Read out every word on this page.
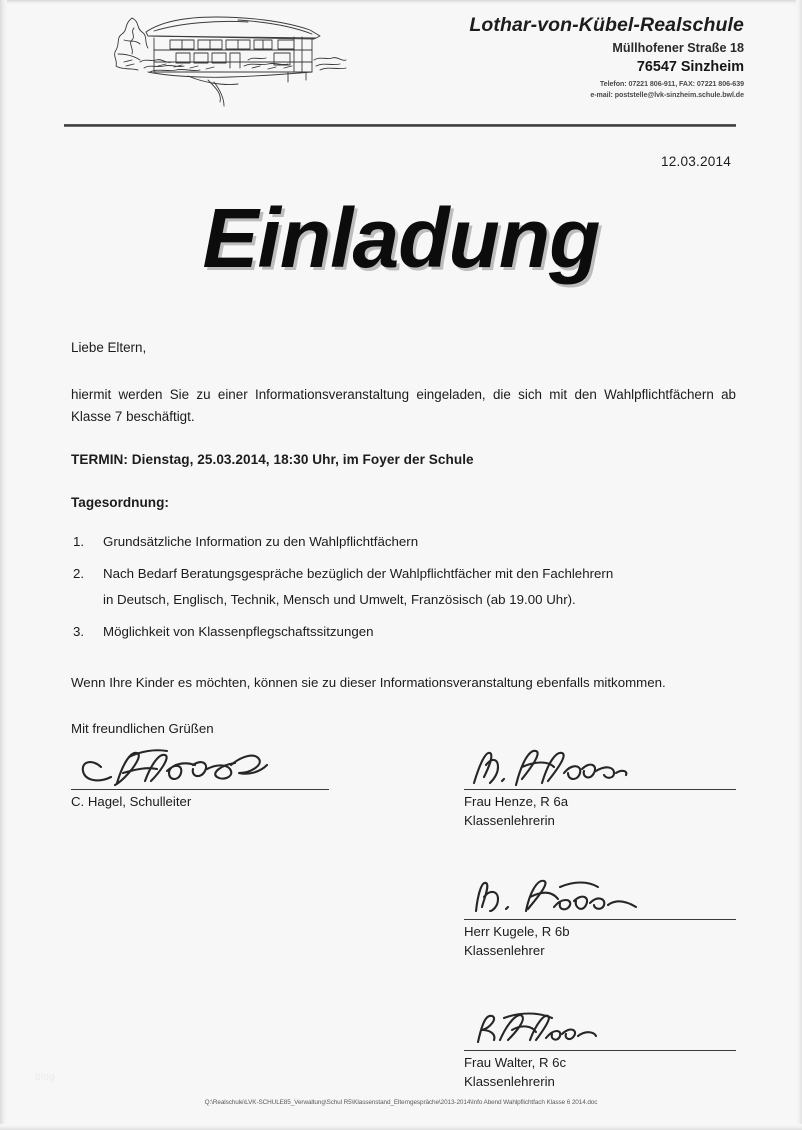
Lothar-von-Kübel-Realschule
Müllhofener Straße 18
76547 Sinzheim
Telefon: 07221 806-911, FAX: 07221 806-639
e-mail: poststelle@lvk-sinzheim.schule.bwl.de
12.03.2014
Einladung
Liebe Eltern,
hiermit werden Sie zu einer Informationsveranstaltung eingeladen, die sich mit den Wahlpflichtfächern ab Klasse 7 beschäftigt.
TERMIN: Dienstag, 25.03.2014, 18:30 Uhr, im Foyer der Schule
Tagesordnung:
1. Grundsätzliche Information zu den Wahlpflichtfächern
2. Nach Bedarf Beratungsgespräche bezüglich der Wahlpflichtfächer mit den Fachlehrern
in Deutsch, Englisch, Technik, Mensch und Umwelt, Französisch (ab 19.00 Uhr).
3. Möglichkeit von Klassenpflegschaftssitzungen
Wenn Ihre Kinder es möchten, können sie zu dieser Informationsveranstaltung ebenfalls mitkommen.
Mit freundlichen Grüßen
C. Hagel, Schulleiter	Frau Henze, R 6a
Klassenlehrerin
Herr Kugele, R 6b
Klassenlehrer
Frau Walter, R 6c
Klassenlehrerin
blog
Q:\Realschule\LVK-SCHULE85_Verwaltung\Schul R5\Klassenstand_Elterngespräche\2013-2014\Info Abend Wahlpflichtfach Klasse 6 2014.doc
